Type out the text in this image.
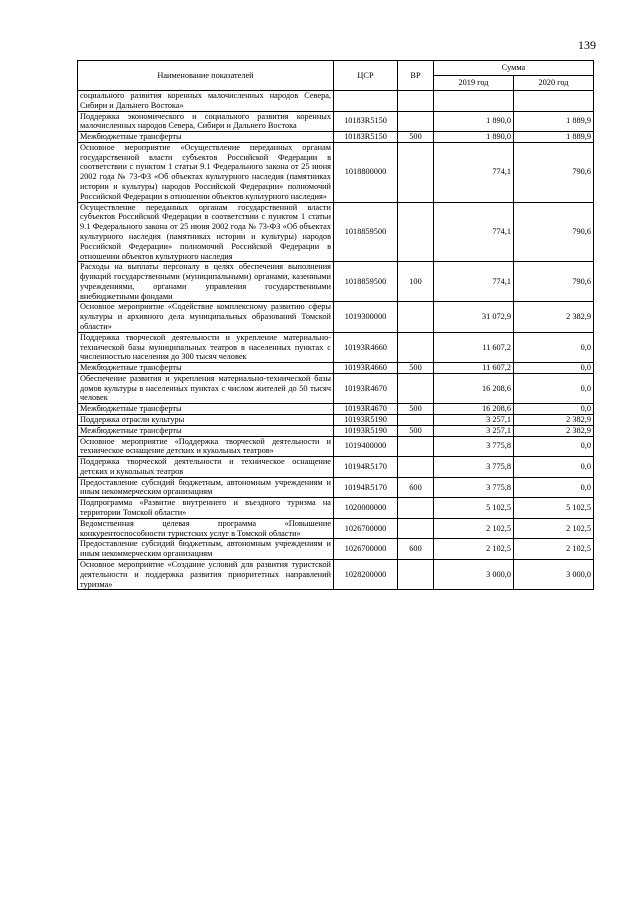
139
Наименование показателей	ЦСР	ВР	Сумма	
			2019 год	2020 год
социального развития коренных малочисленных народов Севера, Сибири и Дальнего Востока»				
Поддержка экономического и социального развития коренных малочисленных народов Севера, Сибири и Дальнего Востока	10183R5150		1 890,0	1 889,9
Межбюджетные трансферты	10183R5150	500	1 890,0	1 889,9
Основное мероприятие «Осуществление переданных органам государственной власти субъектов Российской Федерации в соответствии с пунктом 1 статьи 9.1 Федерального закона от 25 июня 2002 года № 73-ФЗ «Об объектах культурного наследия (памятниках истории и культуры) народов Российской Федерации» полномочий Российской Федерации в отношении объектов культурного наследия»	1018800000		774,1	790,6
Осуществление переданных органам государственной власти субъектов Российской Федерации в соответствии с пунктом 1 статьи 9.1 Федерального закона от 25 июня 2002 года № 73-ФЗ «Об объектах культурного наследия (памятниках истории и культуры) народов Российской Федерации» полномочий Российской Федерации в отношении объектов культурного наследия	1018859500		774,1	790,6
Расходы на выплаты персоналу в целях обеспечения выполнения функций государственными (муниципальными) органами, казенными учреждениями, органами управления государственными внебюджетными фондами	1018859500	100	774,1	790,6
Основное мероприятие «Содействие комплексному развитию сферы культуры и архивного дела муниципальных образований Томской области»	1019300000		31 072,9	2 382,9
Поддержка творческой деятельности и укрепление материально-технической базы муниципальных театров в населенных пунктах с численностью населения до 300 тысяч человек	10193R4660		11 607,2	0,0
Межбюджетные трансферты	10193R4660	500	11 607,2	0,0
Обеспечение развития и укрепления материально-технической базы домов культуры в населенных пунктах с числом жителей до 50 тысяч человек	10193R4670		16 208,6	0,0
Межбюджетные трансферты	10193R4670	500	16 208,6	0,0
Поддержка отрасли культуры	10193R5190		3 257,1	2 382,9
Межбюджетные трансферты	10193R5190	500	3 257,1	2 382,9
Основное мероприятие «Поддержка творческой деятельности и техническое оснащение детских и кукольных театров»	1019400000		3 775,8	0,0
Поддержка творческой деятельности и техническое оснащение детских и кукольных театров	10194R5170		3 775,8	0,0
Предоставление субсидий бюджетным, автономным учреждениям и иным некоммерческим организациям	10194R5170	600	3 775,8	0,0
Подпрограмма «Развитие внутреннего и въездного туризма на территории Томской области»	1020000000		5 102,5	5 102,5
Ведомственная целевая программа «Повышение конкурентоспособности туристских услуг в Томской области»	1026700000		2 102,5	2 102,5
Предоставление субсидий бюджетным, автономным учреждениям и иным некоммерческим организациям	1026700000	600	2 102,5	2 102,5
Основное мероприятие «Создание условий для развития туристской деятельности и поддержка развития приоритетных направлений туризма»	1028200000		3 000,0	3 000,0
